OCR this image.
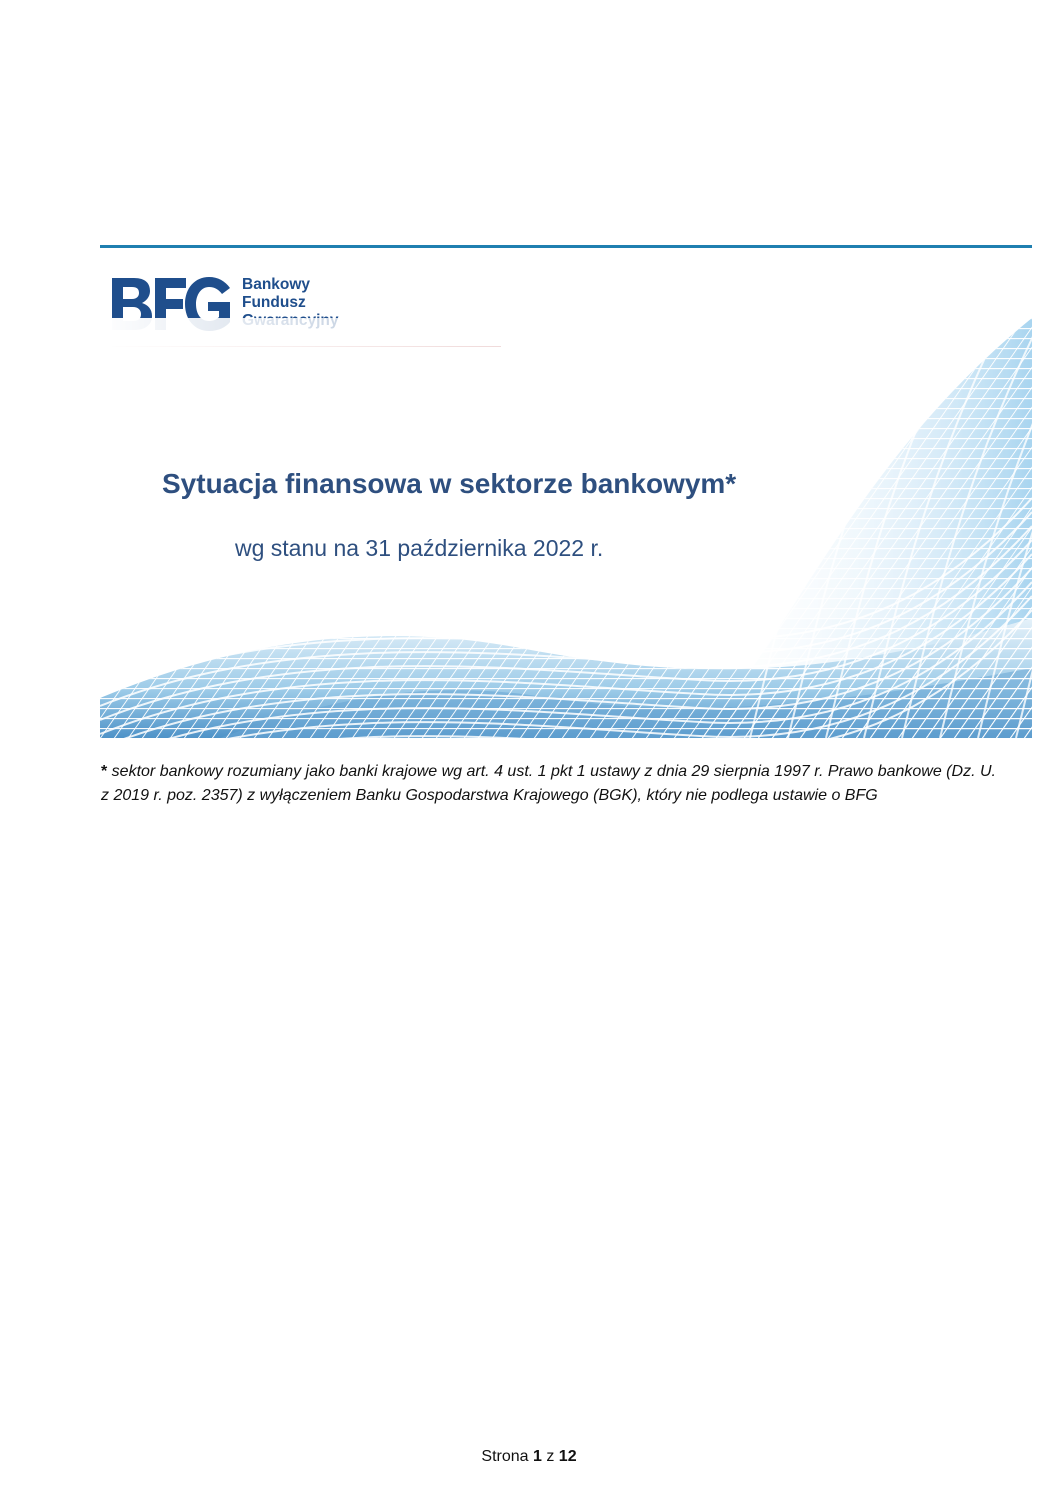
Bankowy
Fundusz
Sytuacja finansowa w sektorze bankowym*
wg stanu na 31 października 2022 r.
* sektor bankowy rozumiany jako banki krajowe wg art. 4 ust. 1 pkt 1 ustawy z dnia 29 sierpnia 1997 r. Prawo bankowe (Dz. U. z 2019 r. poz. 2357) z wyłączeniem Banku Gospodarstwa Krajowego (BGK), który nie podlega ustawie o BFG
Strona 1 z 12
